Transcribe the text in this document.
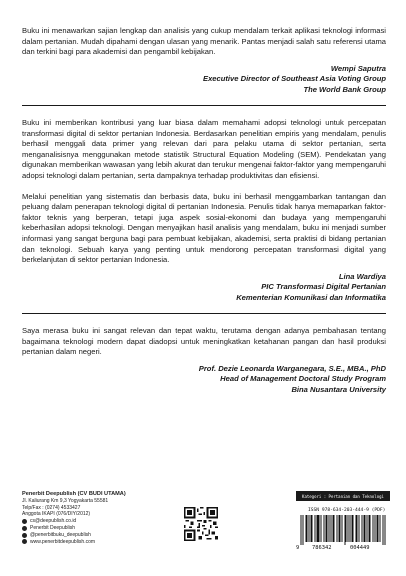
Buku ini menawarkan sajian lengkap dan analisis yang cukup mendalam terkait aplikasi teknologi informasi dalam pertanian. Mudah dipahami dengan ulasan yang menarik. Pantas menjadi salah satu referensi utama dan terkini bagi para akademisi dan pengambil kebijakan.

Wempi Saputra
Executive Director of Southeast Asia Voting Group
The World Bank Group

Buku ini memberikan kontribusi yang luar biasa dalam memahami adopsi teknologi untuk percepatan transformasi digital di sektor pertanian Indonesia. Berdasarkan penelitian empiris yang mendalam, penulis berhasil menggali data primer yang relevan dari para pelaku utama di sektor pertanian, serta menganalisisnya menggunakan metode statistik Structural Equation Modeling (SEM). Pendekatan yang digunakan memberikan wawasan yang lebih akurat dan terukur mengenai faktor-faktor yang mempengaruhi adopsi teknologi dalam pertanian, serta dampaknya terhadap produktivitas dan efisiensi.

Melalui penelitian yang sistematis dan berbasis data, buku ini berhasil menggambarkan tantangan dan peluang dalam penerapan teknologi digital di pertanian Indonesia. Penulis tidak hanya memaparkan faktor-faktor teknis yang berperan, tetapi juga aspek sosial-ekonomi dan budaya yang mempengaruhi keberhasilan adopsi teknologi. Dengan menyajikan hasil analisis yang mendalam, buku ini menjadi sumber informasi yang sangat berguna bagi para pembuat kebijakan, akademisi, serta praktisi di bidang pertanian dan teknologi. Sebuah karya yang penting untuk mendorong percepatan transformasi digital yang berkelanjutan di sektor pertanian Indonesia.

Lina Wardiya
PIC Transformasi Digital Pertanian
Kementerian Komunikasi dan Informatika

Saya merasa buku ini sangat relevan dan tepat waktu, terutama dengan adanya pembahasan tentang bagaimana teknologi modern dapat diadopsi untuk meningkatkan ketahanan pangan dan hasil produksi pertanian dalam negeri.

Prof. Dezie Leonarda Warganegara, S.E., MBA., PhD
Head of Management Doctoral Study Program
Bina Nusantara University
Penerbit Deepublish (CV BUDI UTAMA)
Jl. Kaliurang Km 9,3 Yogyakarta 55581
Telp/Fax : (0274) 4533427
Anggota IKAPI (076/DIY/2012)
cs@deepublish.co.id
Penerbit Deepublish
@penerbitbuku_deepublish
www.penerbitdeepublish.com
Kategori : Pertanian dan Teknologi
ISSN 978-634-203-444-9 (PDF)
9 786342	004449
